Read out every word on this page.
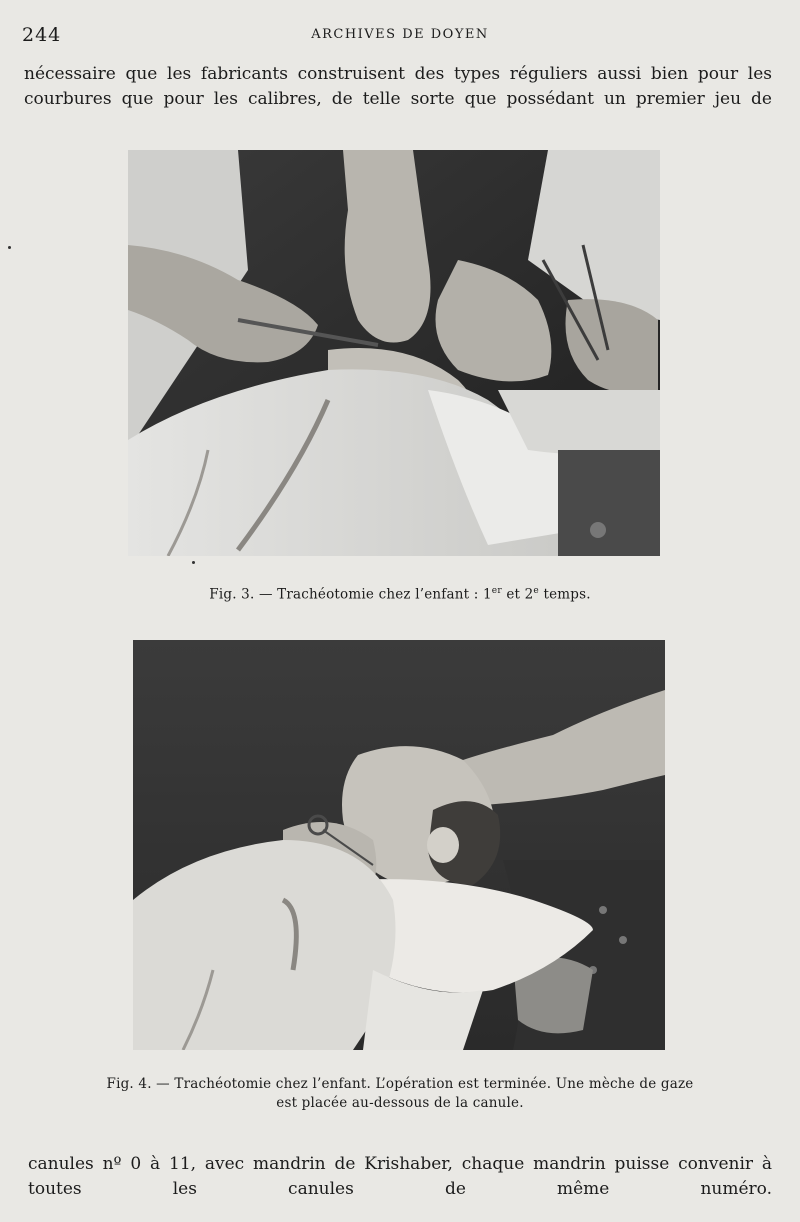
244	ARCHIVES DE DOYEN
nécessaire que les fabricants construisent des types réguliers aussi bien pour les
courbures que pour les calibres, de telle sorte que possédant un premier jeu de
Fig. 3. — Trachéotomie chez l’enfant : 1er et 2e temps.
Fig. 4. — Trachéotomie chez l’enfant. L’opération est terminée. Une mèche de gaze
est placée au-dessous de la canule.
canules nº 0 à 11, avec mandrin de Krishaber, chaque mandrin puisse convenir à
toutes les canules de même numéro.
